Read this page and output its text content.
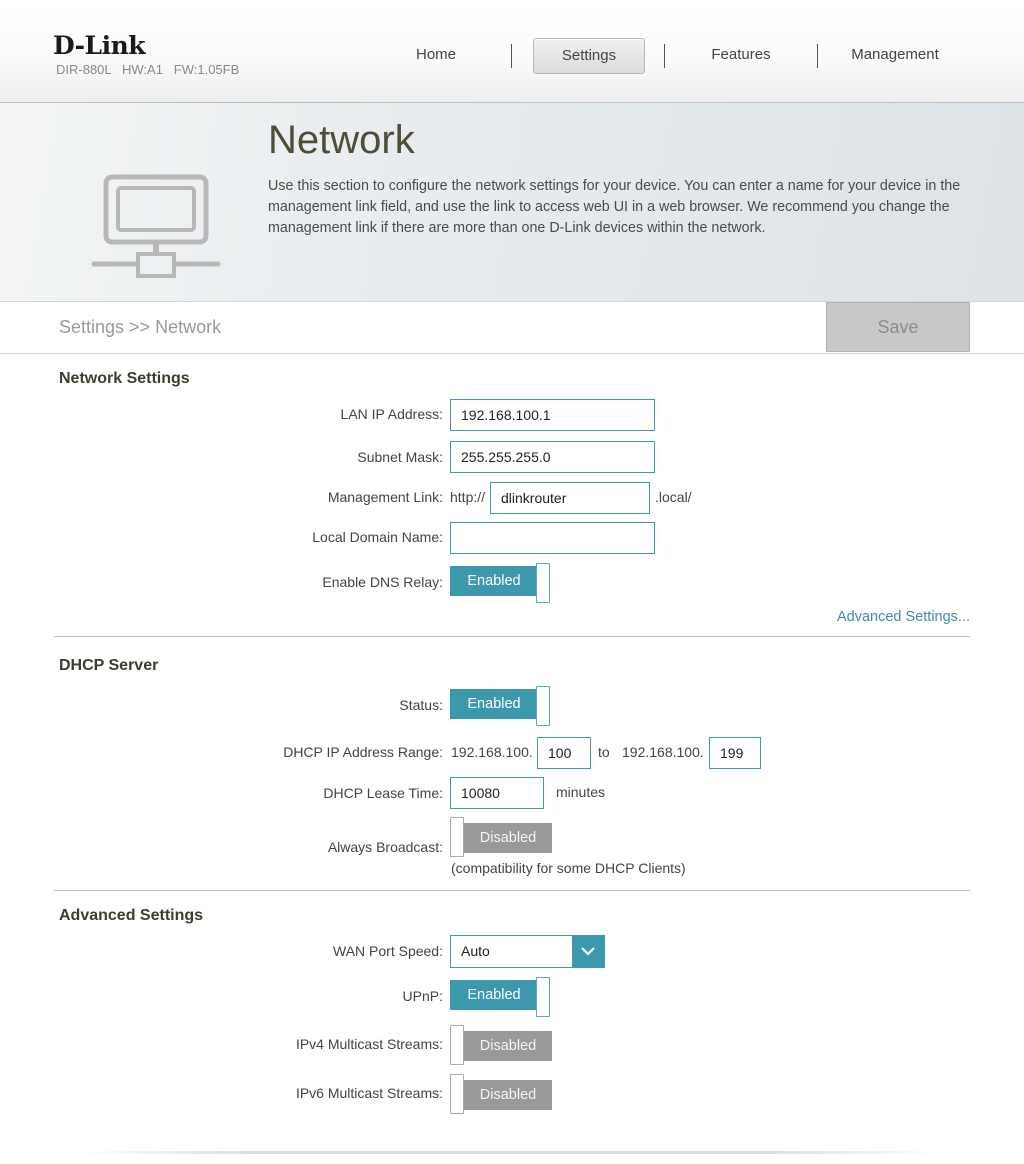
D-Link
DIR-880L   HW:A1   FW:1.05FB
Home	Settings	Features	Management
Network
Use this section to configure the network settings for your device. You can enter a name for your device in the management link field, and use the link to access web UI in a web browser. We recommend you change the management link if there are more than one D-Link devices within the network.
Settings >> Network	Save
Network Settings
LAN IP Address:
192.168.100.1
Subnet Mask:
255.255.255.0
Management Link: http://
dlinkrouter	.local/
Local Domain Name:
Enable DNS Relay:	Enabled
Advanced Settings...
DHCP Server
Status:	Enabled
DHCP IP Address Range: 192.168.100.
100	to 192.168.100.
199
DHCP Lease Time:
10080	minutes
Always Broadcast:
Disabled
(compatibility for some DHCP Clients)
Advanced Settings
WAN Port Speed: Auto
UPnP:	Enabled
IPv4 Multicast Streams:	Disabled
IPv6 Multicast Streams:	Disabled
